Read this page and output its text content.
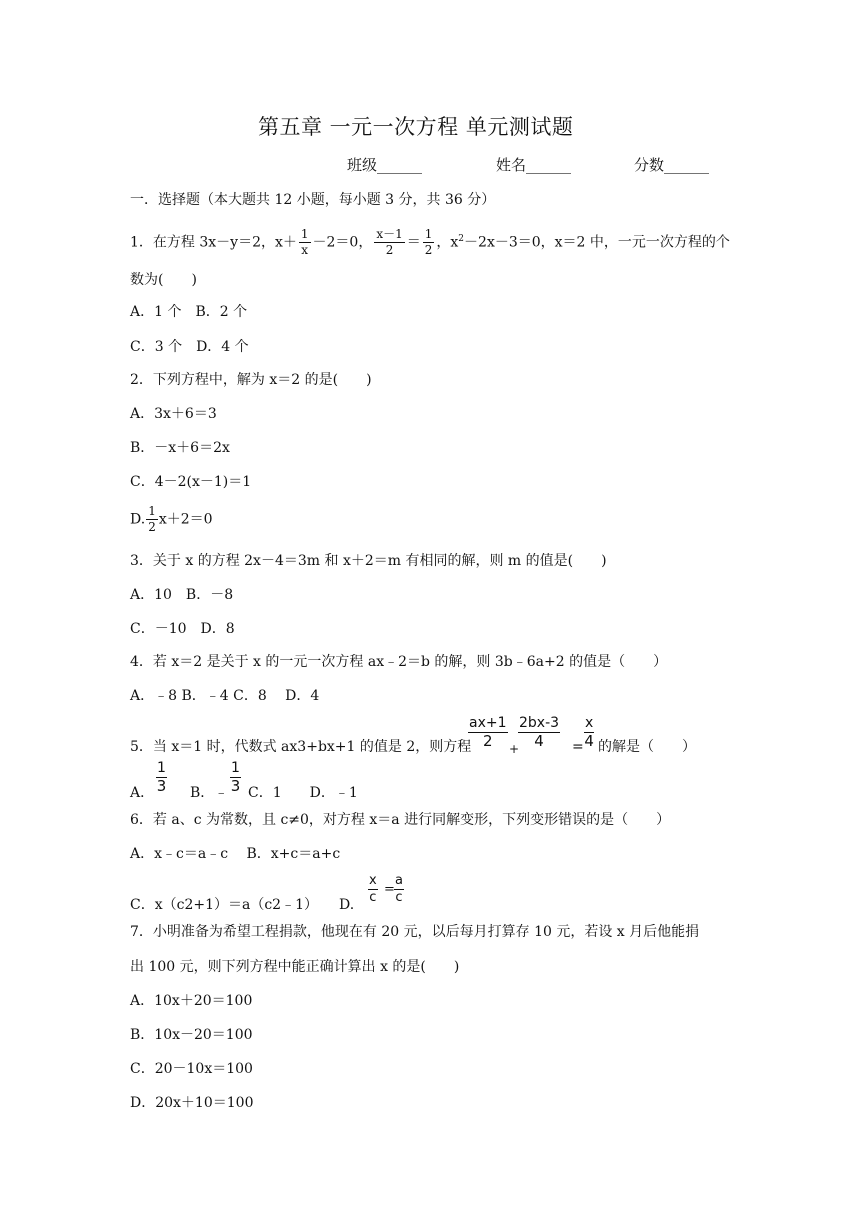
第五章 一元一次方程 单元测试题
班级______	姓名______	分数______
一．选择题（本大题共 12 小题，每小题 3 分，共 36 分）
1．在方程 3x－y＝2，$x+ \frac{1}{x} -2=0$， $\frac{x-1}{2} = \frac{1}{2}$ ，$x^2-2x-3=0$，x＝2 中，一元一次方程的个
数为(　　)
A．1 个　B．2 个
C．3 个　D．4 个
2．下列方程中，解为 x＝2 的是(　　)
A．3x＋6＝3
B．－x＋6＝2x
C．4－2(x－1)＝1
D. $\frac{1}{2} x+2=0$
3．关于 x 的方程 2x－4＝3m 和 x＋2＝m 有相同的解，则 m 的值是(　　)
A．10　B．－8
C．－10　D．8
4．若 x＝2 是关于 x 的一元一次方程 ax﹣2＝b 的解，则 3b﹣6a+2 的值是（　　）
A．﹣8 B．﹣4 C．8　 D．4
5．当 x＝1 时，代数式 ax3+bx+1 的值是 2，则方程
$\frac{ax+1}{2}$ +
$\frac{2bx-3}{4} = \frac{x}{4}$ 的解是（　　）
A． $\frac{1}{3}$ B．﹣ $\frac{1}{3}$ C．1　　D．﹣1
6．若 a、c 为常数，且 c≠0，对方程 x＝a 进行同解变形，下列变形错误的是（　　）
A．x﹣c＝a﹣c　 B．x+c＝a+c
C．x（c2+1）＝a（c2﹣1）　　D.
$\frac{x}{c} = \frac{a}{c}$
7．小明准备为希望工程捐款，他现在有 20 元，以后每月打算存 10 元，若设 x 月后他能捐
出 100 元，则下列方程中能正确计算出 x 的是(　　)
A．10x＋20＝100
B．10x－20＝100
C．20－10x＝100
D．20x＋10＝100
